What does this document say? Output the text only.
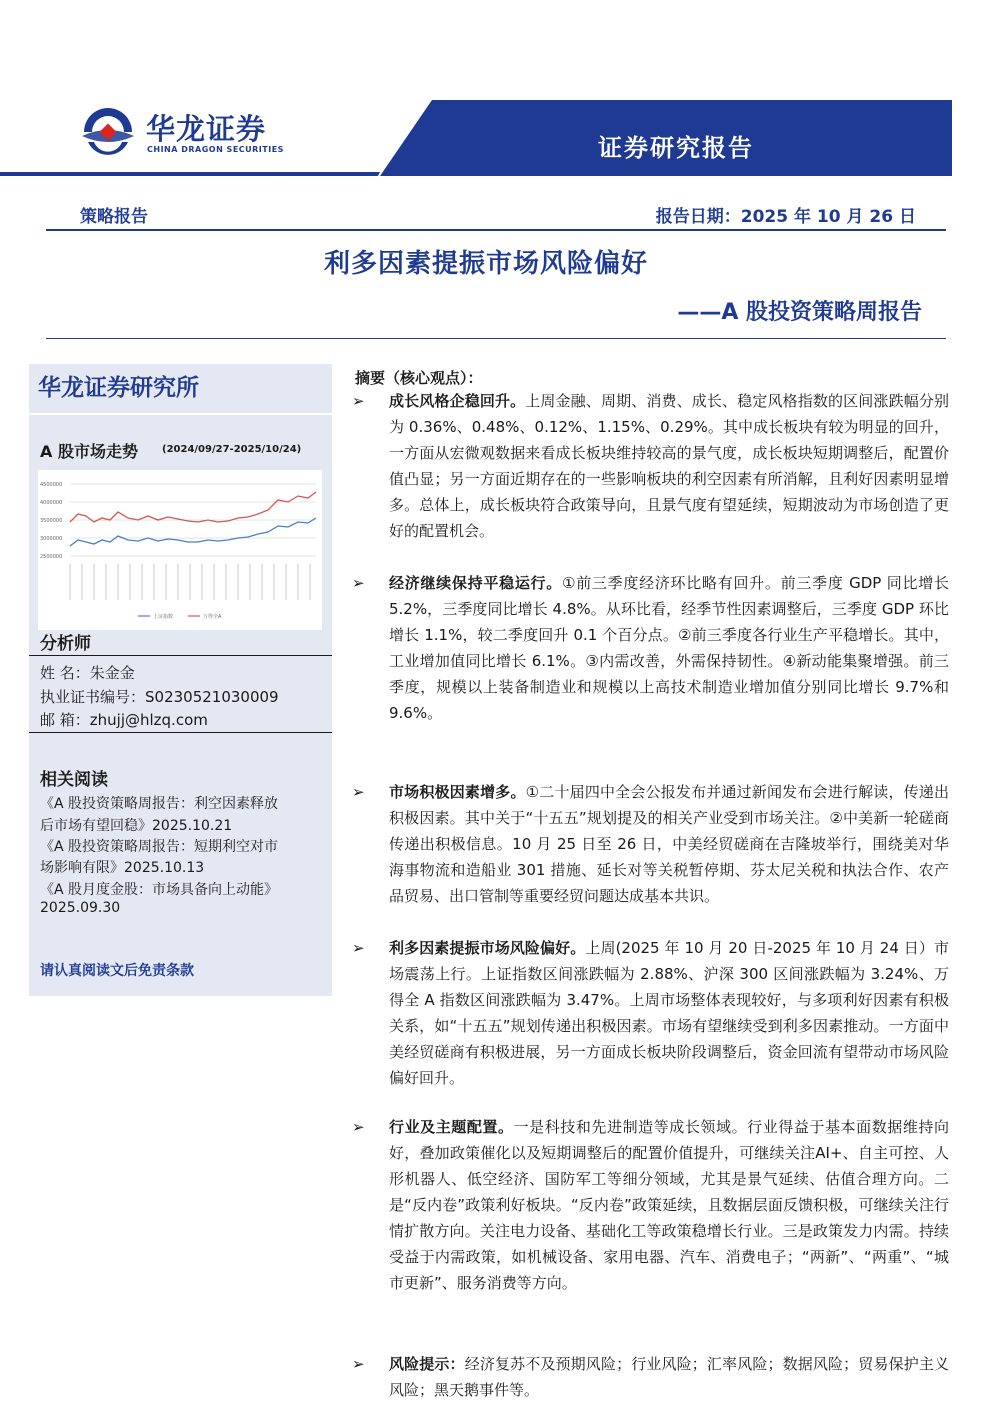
华龙证券
CHINA DRAGON SECURITIES	证券研究报告
策略报告	报告日期：2025 年 10 月 26 日
利多因素提振市场风险偏好
——A 股投资策略周报告
华龙证券研究所
A 股市场走势 (2024/09/27-2025/10/24)
4500000
4000000
3500000
3000000
2500000
上证指数	万得全A
分析师
姓 名：朱金金
执业证书编号：S0230521030009
邮 箱：zhujj@hlzq.com
相关阅读
《A 股投资策略周报告：利空因素释放
后市场有望回稳》2025.10.21
《A 股投资策略周报告：短期利空对市
场影响有限》2025.10.13
《A 股月度金股：市场具备向上动能》
2025.09.30
请认真阅读文后免责条款
摘要（核心观点）：
➢ 成长风格企稳回升。上周金融、周期、消费、成长、稳定风格指数的区间涨跌幅分别为 0.36%、0.48%、0.12%、1.15%、0.29%。其中成长板块有较为明显的回升，一方面从宏微观数据来看成长板块维持较高的景气度，成长板块短期调整后，配置价值凸显；另一方面近期存在的一些影响板块的利空因素有所消解，且利好因素明显增多。总体上，成长板块符合政策导向，且景气度有望延续，短期波动为市场创造了更好的配置机会。
➢ 经济继续保持平稳运行。①前三季度经济环比略有回升。前三季度 GDP 同比增长 5.2%，三季度同比增长 4.8%。从环比看，经季节性因素调整后，三季度 GDP 环比增长 1.1%，较二季度回升 0.1 个百分点。②前三季度各行业生产平稳增长。其中，工业增加值同比增长 6.1%。③内需改善，外需保持韧性。④新动能集聚增强。前三季度，规模以上装备制造业和规模以上高技术制造业增加值分别同比增长 9.7%和 9.6%。
➢ 市场积极因素增多。①二十届四中全会公报发布并通过新闻发布会进行解读，传递出积极因素。其中关于“十五五”规划提及的相关产业受到市场关注。②中美新一轮磋商传递出积极信息。10 月 25 日至 26 日，中美经贸磋商在吉隆坡举行，围绕美对华海事物流和造船业 301 措施、延长对等关税暂停期、芬太尼关税和执法合作、农产品贸易、出口管制等重要经贸问题达成基本共识。
➢ 利多因素提振市场风险偏好。上周(2025 年 10 月 20 日-2025 年 10 月 24 日）市场震荡上行。上证指数区间涨跌幅为 2.88%、沪深 300 区间涨跌幅为 3.24%、万得全 A 指数区间涨跌幅为 3.47%。上周市场整体表现较好，与多项利好因素有积极关系，如“十五五”规划传递出积极因素。市场有望继续受到利多因素推动。一方面中美经贸磋商有积极进展，另一方面成长板块阶段调整后，资金回流有望带动市场风险偏好回升。
➢ 行业及主题配置。一是科技和先进制造等成长领域。行业得益于基本面数据维持向好，叠加政策催化以及短期调整后的配置价值提升，可继续关注AI+、自主可控、人形机器人、低空经济、国防军工等细分领域，尤其是景气延续、估值合理方向。二是“反内卷”政策利好板块。“反内卷”政策延续，且数据层面反馈积极，可继续关注行情扩散方向。关注电力设备、基础化工等政策稳增长行业。三是政策发力内需。持续受益于内需政策，如机械设备、家用电器、汽车、消费电子；“两新”、“两重”、“城市更新”、服务消费等方向。
➢ 风险提示：经济复苏不及预期风险；行业风险；汇率风险；数据风险；贸易保护主义风险；黑天鹅事件等。
